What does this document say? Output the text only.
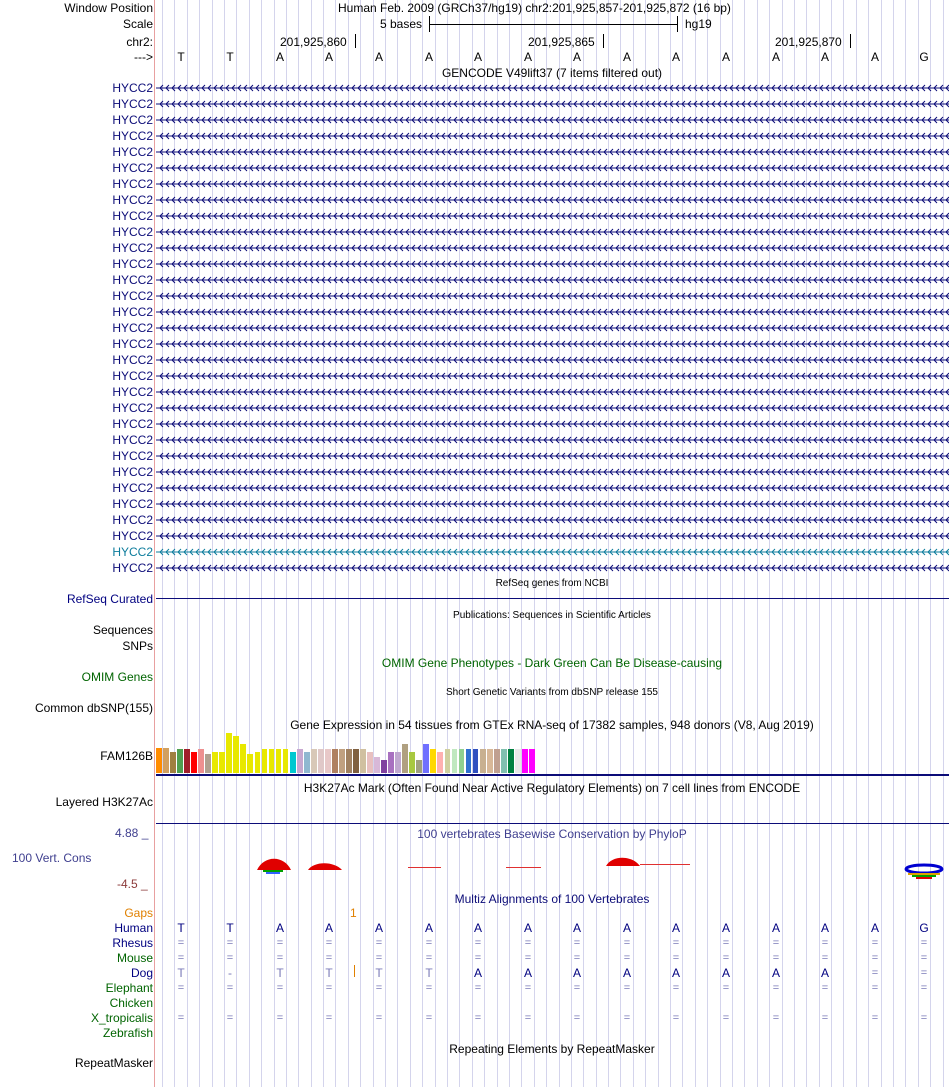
Window Position
Scale
chr2:
--->
Human Feb. 2009 (GRCh37/hg19) chr2:201,925,857-201,925,872 (16 bp)
5 bases	hg19
201,925,860	201,925,865	201,925,870
T	T	A	A	A	A	A	A	A	A	A	A	A	A	A	G
GENCODE V49lift37 (7 items filtered out)
HYCC2
HYCC2
HYCC2
HYCC2
HYCC2
HYCC2
HYCC2
HYCC2
HYCC2
HYCC2
HYCC2
HYCC2
HYCC2
HYCC2
HYCC2
HYCC2
HYCC2
HYCC2
HYCC2
HYCC2
HYCC2
HYCC2
HYCC2
HYCC2
HYCC2
HYCC2
HYCC2
HYCC2
HYCC2
HYCC2
HYCC2
RefSeq genes from NCBI
RefSeq Curated
Publications: Sequences in Scientific Articles
Sequences
SNPs
OMIM Gene Phenotypes - Dark Green Can Be Disease-causing
OMIM Genes
Short Genetic Variants from dbSNP release 155
Common dbSNP(155)
Gene Expression in 54 tissues from GTEx RNA-seq of 17382 samples, 948 donors (V8, Aug 2019)
FAM126B
H3K27Ac Mark (Often Found Near Active Regulatory Elements) on 7 cell lines from ENCODE
Layered H3K27Ac
100 vertebrates Basewise Conservation by PhyloP
4.88 _
100 Vert. Cons
-4.5 _
Multiz Alignments of 100 Vertebrates
Gaps	1
Human	T	T	A	A	A	A	A	A	A	A	A	A	A	A	A	G
Rhesus	=	=	=	=	=	=	=	=	=	=	=	=	=	=	=	=
Mouse	=	=	=	=	=	=	=	=	=	=	=	=	=	=	=	=
Dog	T	-	T	T	T	T	A	A	A	A	A	A	A	A	=	=
Elephant	=	=	=	=	=	=	=	=	=	=	=	=	=	=	=	=
Chicken
X_tropicalis	=	=	=	=	=	=	=	=	=	=	=	=	=	=	=	=
Zebrafish
Repeating Elements by RepeatMasker
RepeatMasker
